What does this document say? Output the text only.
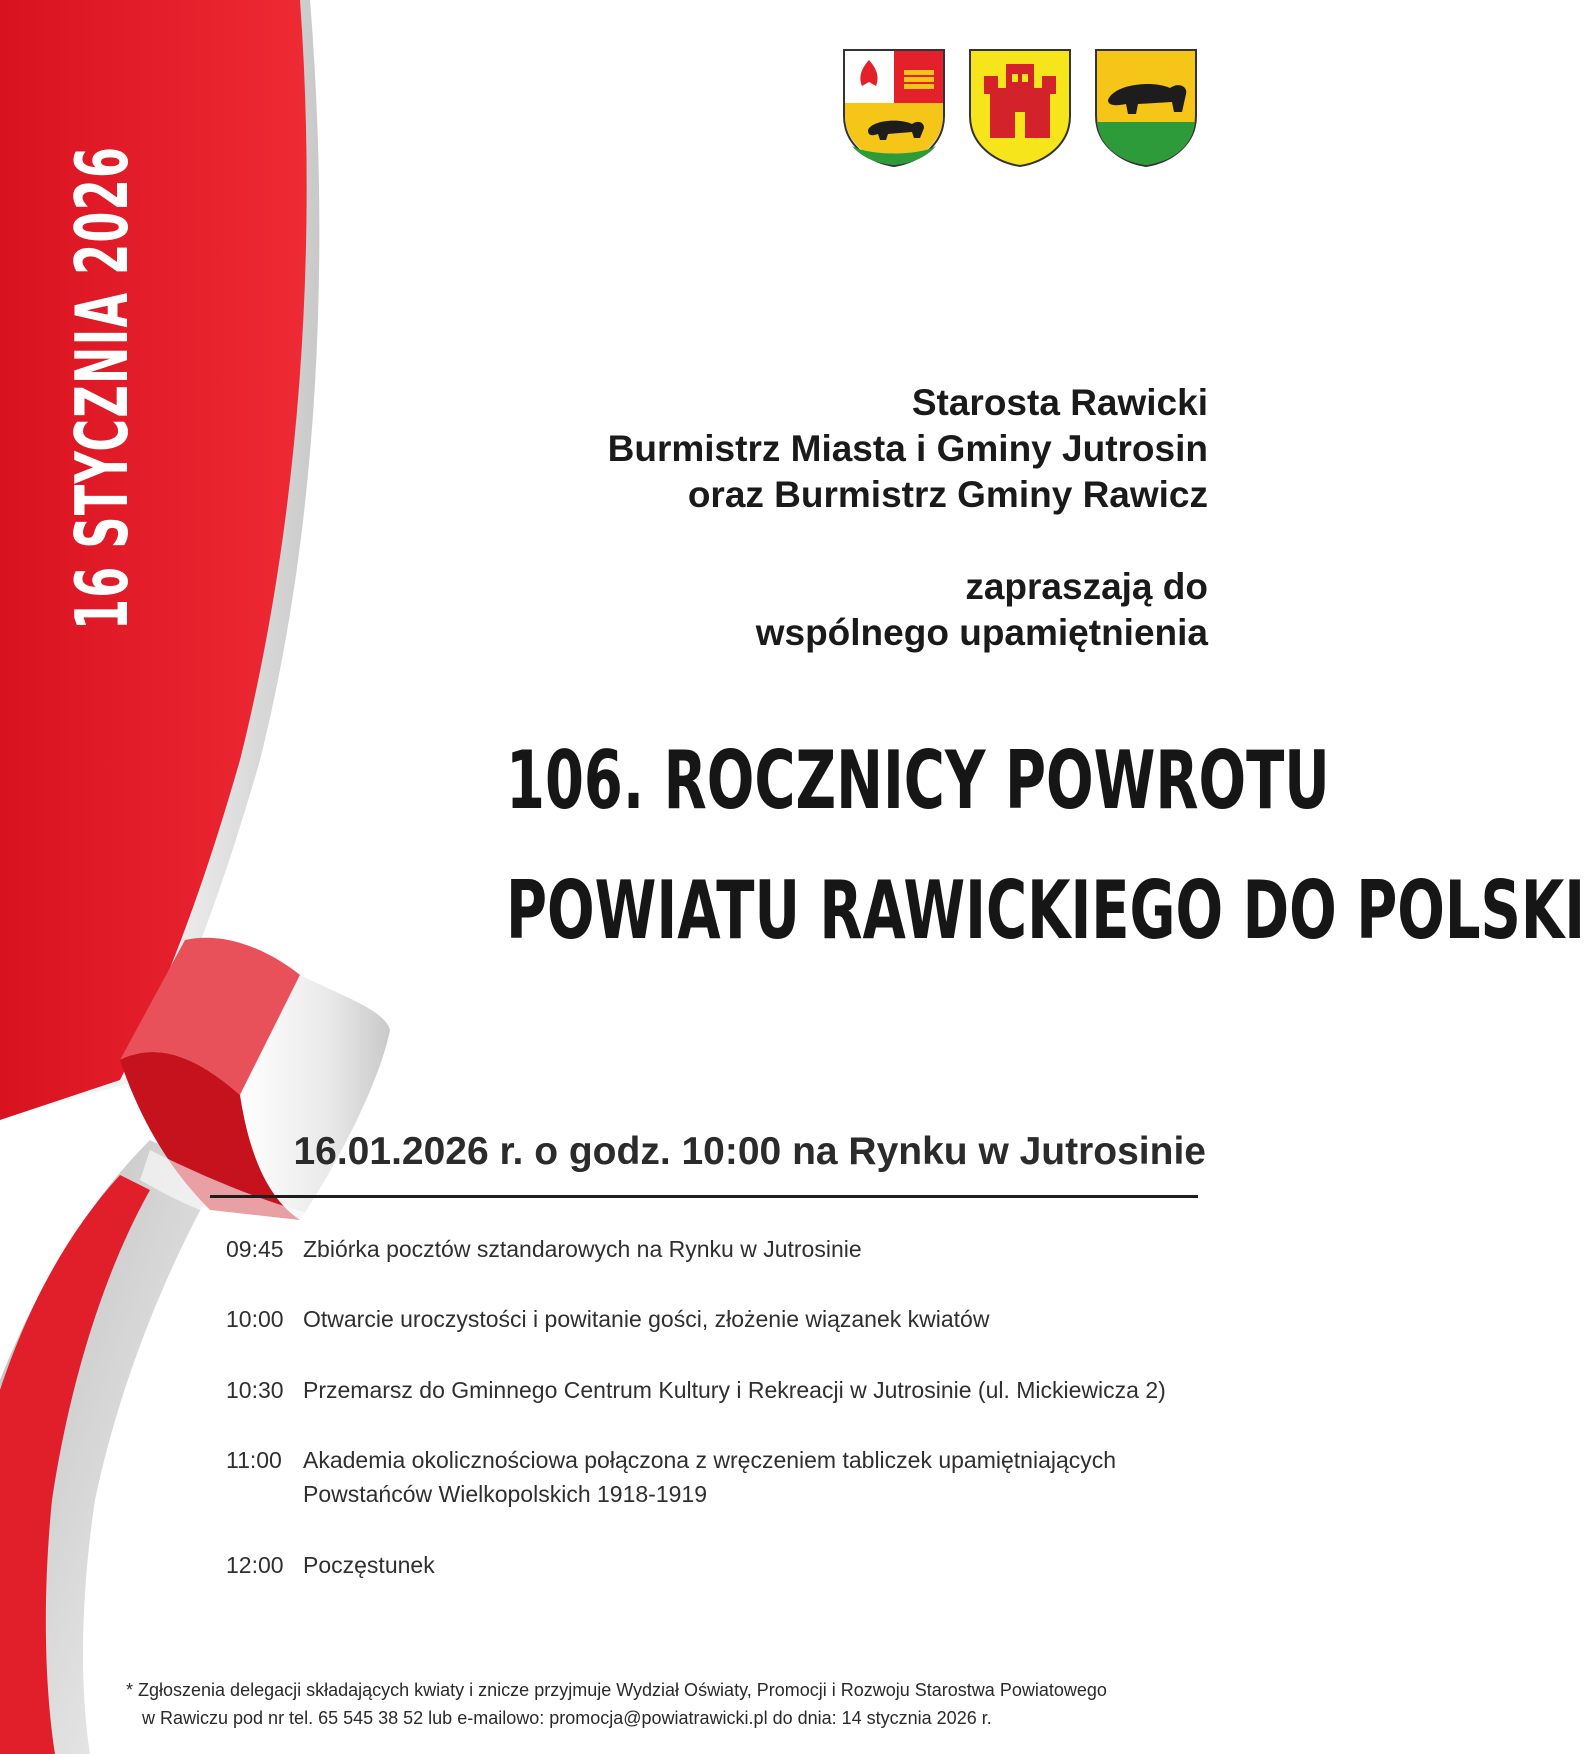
Starosta Rawicki
Burmistrz Miasta i Gminy Jutrosin
oraz Burmistrz Gminy Rawicz
zapraszają do
wspólnego upamiętnienia
106. ROCZNICY POWROTU
POWIATU RAWICKIEGO DO POLSKI
16.01.2026 r. o godz. 10:00 na Rynku w Jutrosinie
09:45 Zbiórka pocztów sztandarowych na Rynku w Jutrosinie
10:00 Otwarcie uroczystości i powitanie gości, złożenie wiązanek kwiatów
10:30 Przemarsz do Gminnego Centrum Kultury i Rekreacji w Jutrosinie (ul. Mickiewicza 2)
11:00 Akademia okolicznościowa połączona z wręczeniem tabliczek upamiętniających Powstańców Wielkopolskich 1918-1919
12:00 Poczęstunek
* Zgłoszenia delegacji składających kwiaty i znicze przyjmuje Wydział Oświaty, Promocji i Rozwoju Starostwa Powiatowego
w Rawiczu pod nr tel. 65 545 38 52 lub e-mailowo: promocja@powiatrawicki.pl do dnia: 14 stycznia 2026 r.
